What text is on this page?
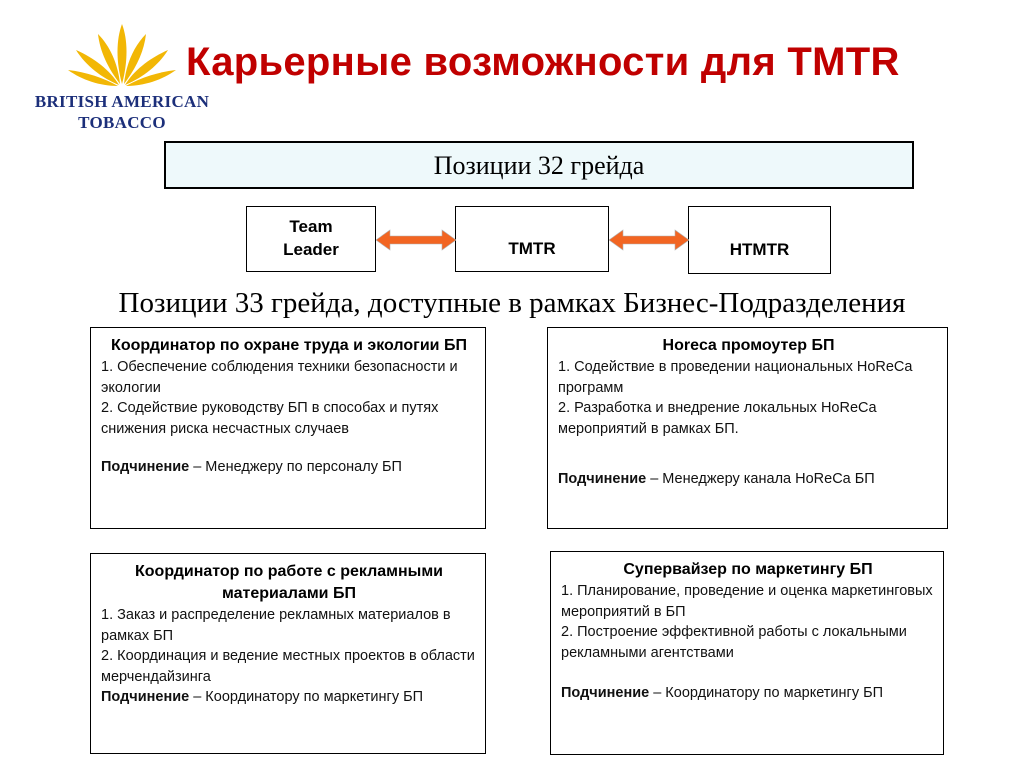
BRITISH AMERICAN
TOBACCO
Карьерные возможности для TMTR
Позиции 32 грейда
Team Leader	TMTR	HTMTR
Позиции 33 грейда, доступные в рамках Бизнес-Подразделения
Координатор по охране труда и экологии БП
1. Обеспечение соблюдения техники безопасности и экологии
2. Содействие руководству БП в способах и путях снижения риска несчастных случаев
Подчинение – Менеджеру по персоналу БП
Horeca промоутер БП
1. Содействие в проведении национальных HoReCa программ
2. Разработка и внедрение локальных HoReCa мероприятий в рамках БП.
Подчинение – Менеджеру канала HoReCa БП
Координатор по работе с рекламными материалами БП
1. Заказ и распределение рекламных материалов в рамках БП
2. Координация и ведение местных проектов в области мерчендайзинга
Подчинение – Координатору по маркетингу БП
Супервайзер по маркетингу БП
1. Планирование, проведение и оценка маркетинговых мероприятий в БП
2. Построение эффективной работы с локальными рекламными агентствами
Подчинение – Координатору по маркетингу БП
